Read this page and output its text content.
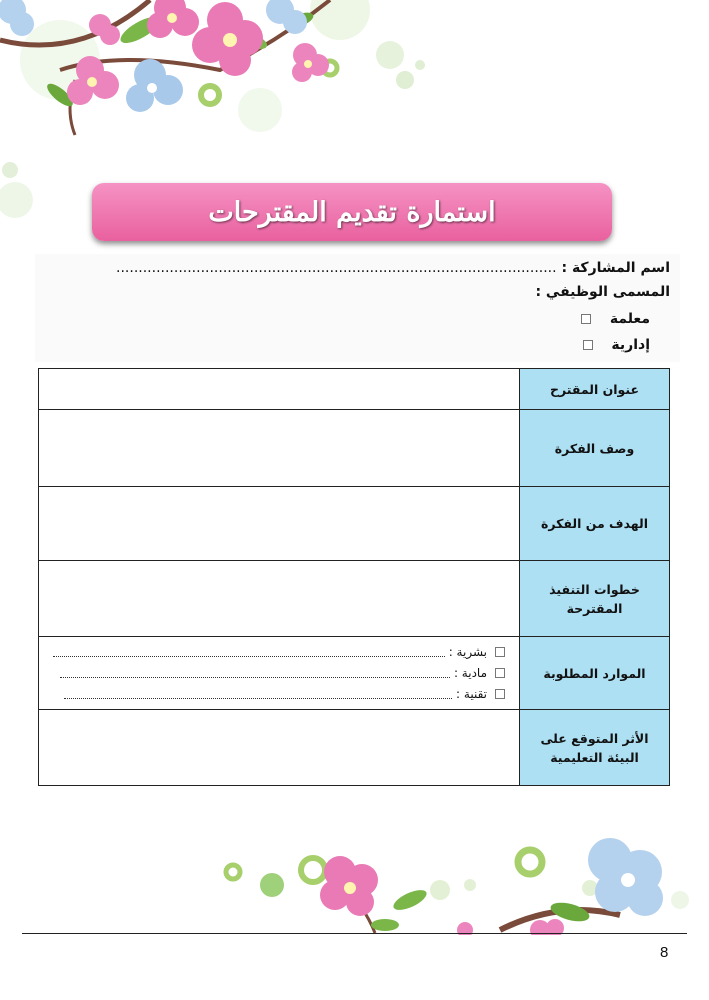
استمارة تقديم المقترحات
اسم المشاركة : ...................................................................................................
المسمى الوظيفي :
معلمة
إدارية
عنوان المقترح	
وصف الفكرة	
الهدف من الفكرة	
خطوات التنفيذ المقترحة	
الموارد المطلوبة	بشرية :
مادية :
تقنية :

الأثر المتوقع على البيئة التعليمية	
8
